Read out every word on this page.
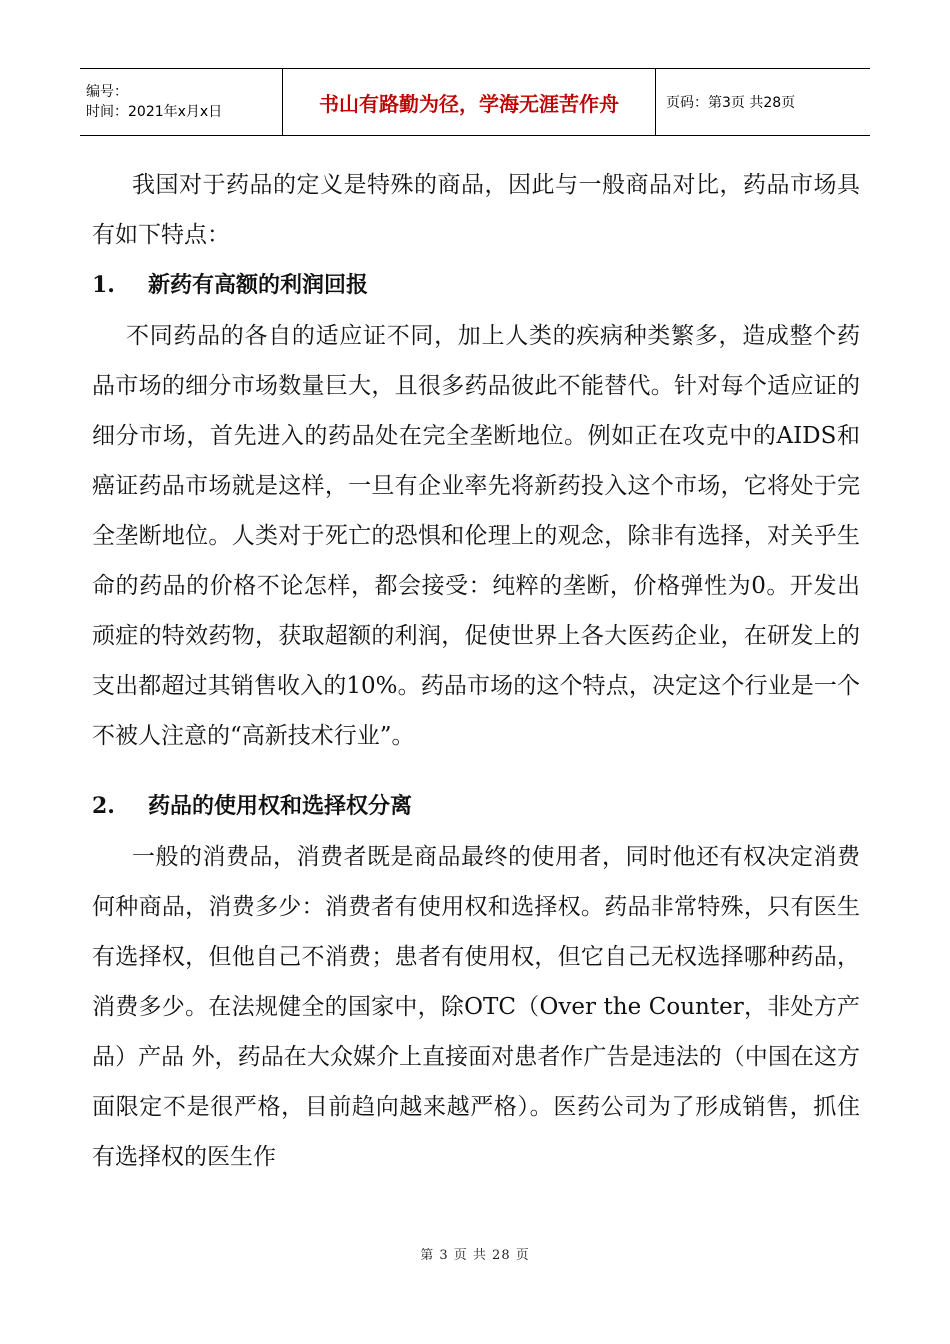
编号：
时间：2021年x月x日	书山有路勤为径，学海无涯苦作舟	页码：第3页 共28页

我国对于药品的定义是特殊的商品，因此与一般商品对比，药品市场具有如下特点：

1. 新药有高额的利润回报

不同药品的各自的适应证不同，加上人类的疾病种类繁多，造成整个药品市场的细分市场数量巨大，且很多药品彼此不能替代。针对每个适应证的细分市场，首先进入的药品处在完全垄断地位。例如正在攻克中的AIDS和癌证药品市场就是这样，一旦有企业率先将新药投入这个市场，它将处于完全垄断地位。人类对于死亡的恐惧和伦理上的观念，除非有选择，对关乎生命的药品的价格不论怎样，都会接受：纯粹的垄断，价格弹性为0。开发出顽症的特效药物，获取超额的利润，促使世界上各大医药企业，在研发上的支出都超过其销售收入的10%。药品市场的这个特点，决定这个行业是一个不被人注意的“高新技术行业”。

2. 药品的使用权和选择权分离

一般的消费品，消费者既是商品最终的使用者，同时他还有权决定消费何种商品，消费多少：消费者有使用权和选择权。药品非常特殊，只有医生有选择权，但他自己不消费；患者有使用权，但它自己无权选择哪种药品，消费多少。在法规健全的国家中，除OTC（Over the Counter，非处方产品）产品 外，药品在大众媒介上直接面对患者作广告是违法的（中国在这方面限定不是很严格，目前趋向越来越严格）。医药公司为了形成销售，抓住有选择权的医生作

第 3 页 共 28 页
